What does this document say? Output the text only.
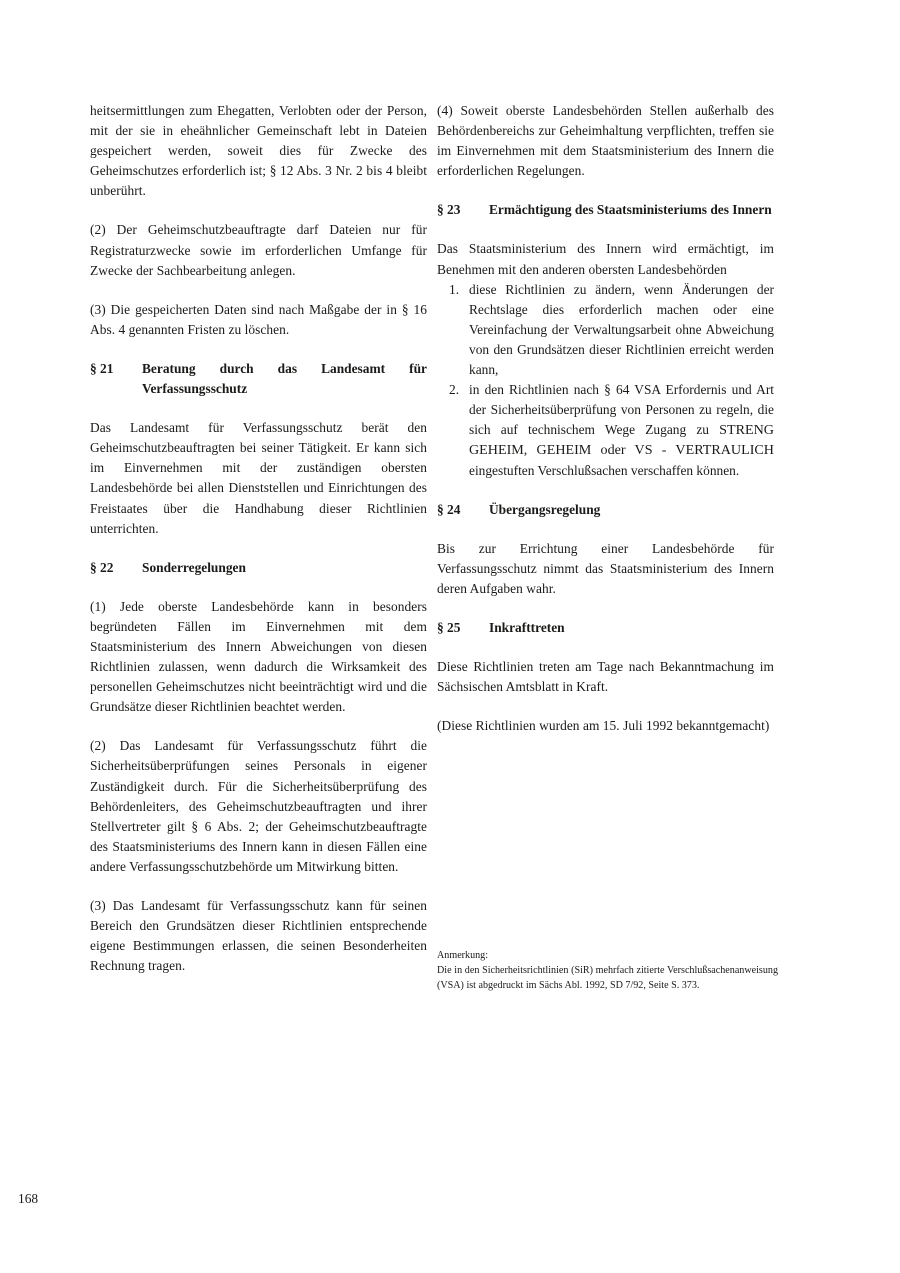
heitsermittlungen zum Ehegatten, Verlobten oder der Person, mit der sie in eheähnlicher Gemeinschaft lebt in Dateien gespeichert werden, soweit dies für Zwecke des Geheimschutzes erforderlich ist; § 12 Abs. 3 Nr. 2 bis 4 bleibt unberührt.

(2) Der Geheimschutzbeauftragte darf Dateien nur für Registraturzwecke sowie im erforderlichen Umfange für Zwecke der Sachbearbeitung anlegen.

(3) Die gespeicherten Daten sind nach Maßgabe der in § 16 Abs. 4 genannten Fristen zu löschen.

§ 21 Beratung durch das Landesamt für Verfassungsschutz

Das Landesamt für Verfassungsschutz berät den Geheimschutzbeauftragten bei seiner Tätigkeit. Er kann sich im Einvernehmen mit der zuständigen obersten Landesbehörde bei allen Dienststellen und Einrichtungen des Freistaates über die Handhabung dieser Richtlinien unterrichten.

§ 22 Sonderregelungen

(1) Jede oberste Landesbehörde kann in besonders begründeten Fällen im Einvernehmen mit dem Staatsministerium des Innern Abweichungen von diesen Richtlinien zulassen, wenn dadurch die Wirksamkeit des personellen Geheimschutzes nicht beeinträchtigt wird und die Grundsätze dieser Richtlinien beachtet werden.

(2) Das Landesamt für Verfassungsschutz führt die Sicherheitsüberprüfungen seines Personals in eigener Zuständigkeit durch. Für die Sicherheitsüberprüfung des Behördenleiters, des Geheimschutzbeauftragten und ihrer Stellvertreter gilt § 6 Abs. 2; der Geheimschutzbeauftragte des Staatsministeriums des Innern kann in diesen Fällen eine andere Verfassungsschutzbehörde um Mitwirkung bitten.

(3) Das Landesamt für Verfassungsschutz kann für seinen Bereich den Grundsätzen dieser Richtlinien entsprechende eigene Bestimmungen erlassen, die seinen Besonderheiten Rechnung tragen.

(4) Soweit oberste Landesbehörden Stellen außerhalb des Behördenbereichs zur Geheimhaltung verpflichten, treffen sie im Einvernehmen mit dem Staatsministerium des Innern die erforderlichen Regelungen.

§ 23 Ermächtigung des Staatsministeriums des Innern

Das Staatsministerium des Innern wird ermächtigt, im Benehmen mit den anderen obersten Landesbehörden

1. diese Richtlinien zu ändern, wenn Änderungen der Rechtslage dies erforderlich machen oder eine Vereinfachung der Verwaltungsarbeit ohne Abweichung von den Grundsätzen dieser Richtlinien erreicht werden kann,
2. in den Richtlinien nach § 64 VSA Erfordernis und Art der Sicherheitsüberprüfung von Personen zu regeln, die sich auf technischem Wege Zugang zu STRENG GEHEIM, GEHEIM oder VS - VERTRAULICH eingestuften Verschlußsachen verschaffen können.
§ 24 Übergangsregelung

Bis zur Errichtung einer Landesbehörde für Verfassungsschutz nimmt das Staatsministerium des Innern deren Aufgaben wahr.

§ 25 Inkrafttreten

Diese Richtlinien treten am Tage nach Bekanntmachung im Sächsischen Amtsblatt in Kraft.

(Diese Richtlinien wurden am 15. Juli 1992 bekanntgemacht)

Anmerkung:

Die in den Sicherheitsrichtlinien (SiR) mehrfach zitierte Verschlußsachenanweisung (VSA) ist abgedruckt im Sächs Abl. 1992, SD 7/92, Seite S. 373.

168
